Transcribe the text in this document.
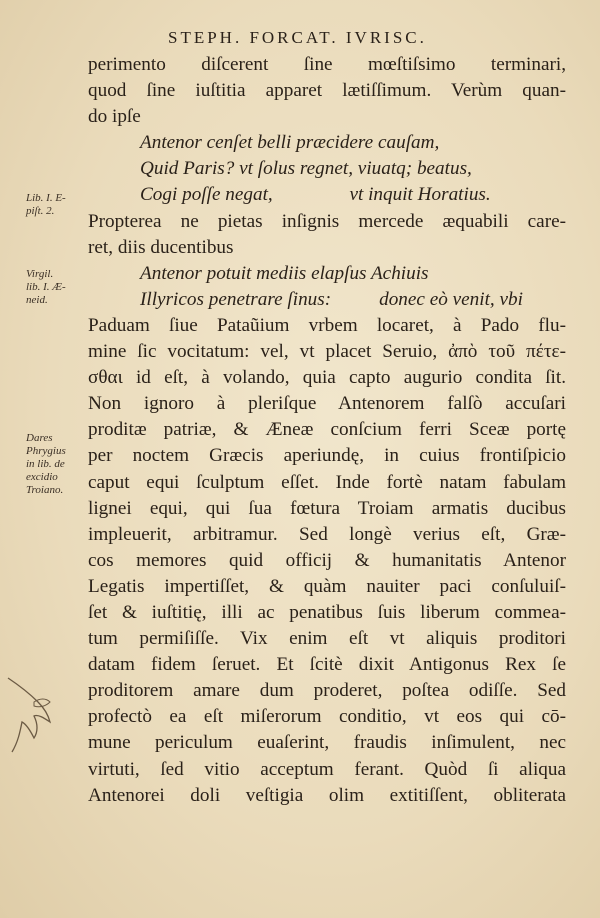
STEPH. FORCAT. IVRISC.
perimento diſcerent ſine mœſtiſsimo terminari,
quod ſine iuſtitia apparet lætiſſimum. Verùm quan-
do ipſe
Antenor cenſet belli præcidere cauſam,
Quid Paris? vt ſolus regnet, viuatq; beatus,
Cogi poſſe negat,                vt inquit Horatius.
Propterea ne pietas inſignis mercede æquabili care-
ret, diis ducentibus
Antenor potuit mediis elapſus Achiuis
Illyricos penetrare ſinus:          donec eò venit, vbi
Paduam ſiue Pataũium vrbem locaret, à Pado flu-
mine ſic vocitatum: vel, vt placet Seruio, ἀπὸ τοῦ πέτε-
σθαι id eſt, à volando, quia capto augurio condita ſit.
Non ignoro à pleriſque Antenorem falſò accuſari
proditæ patriæ, & Æneæ conſcium ferri Sceæ portę
per noctem Græcis aperiundę, in cuius frontiſpicio
caput equi ſculptum eſſet. Inde fortè natam fabulam
lignei equi, qui ſua fœtura Troiam armatis ducibus
impleuerit, arbitramur. Sed longè verius eſt, Græ-
cos memores quid officij & humanitatis Antenor
Legatis impertiſſet, & quàm nauiter paci conſuluiſ-
ſet & iuſtitię, illi ac penatibus ſuis liberum commea-
tum permiſiſſe. Vix enim eſt vt aliquis proditori
datam fidem ſeruet. Et ſcitè dixit Antigonus Rex ſe
proditorem amare dum proderet, poſtea odiſſe. Sed
profectò ea eſt miſerorum conditio, vt eos qui cō-
mune periculum euaſerint, fraudis inſimulent, nec
virtuti, ſed vitio acceptum ferant. Quòd ſi aliqua
Antenorei doli veſtigia olim extitiſſent, obliterata
Lib. I. E-
piſt. 2.
Virgil.
lib. I. Æ-
neid.
Dares
Phrygius
in lib. de
excidio
Troiano.
